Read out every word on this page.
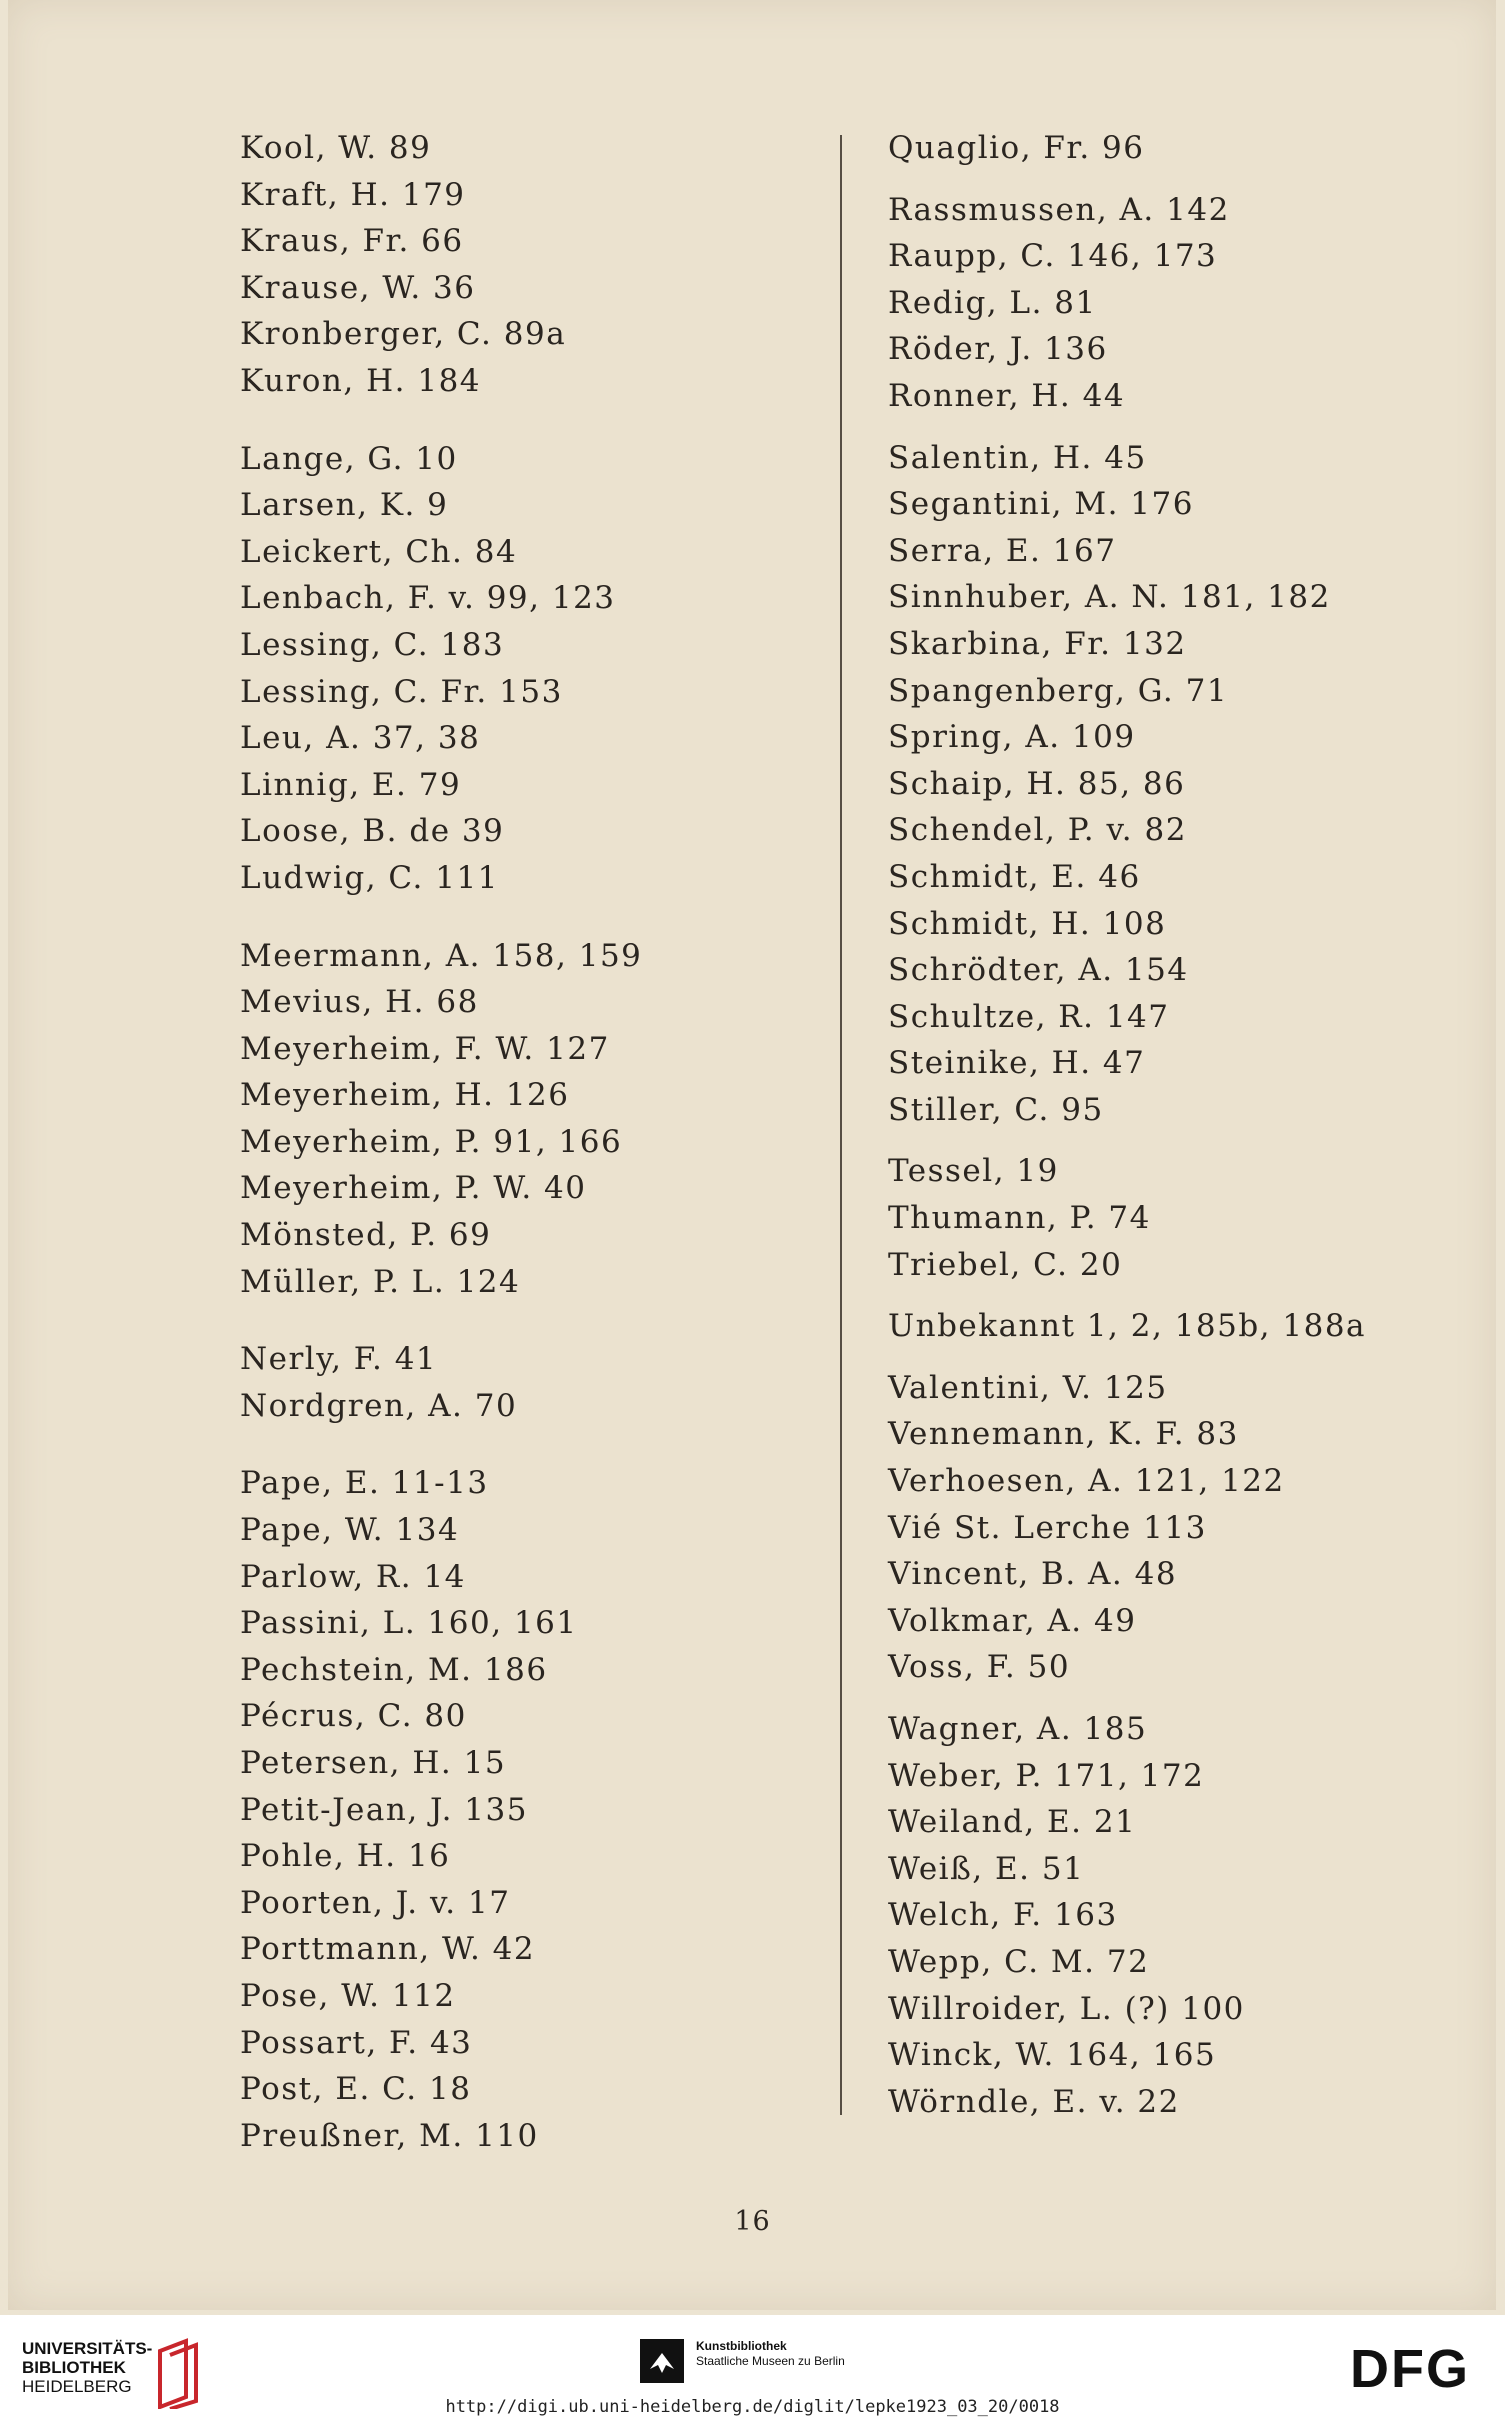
Kool, W. 89
Kraft, H. 179
Kraus, Fr. 66
Krause, W. 36
Kronberger, C. 89a
Kuron, H. 184
Lange, G. 10
Larsen, K. 9
Leickert, Ch. 84
Lenbach, F. v. 99, 123
Lessing, C. 183
Lessing, C. Fr. 153
Leu, A. 37, 38
Linnig, E. 79
Loose, B. de 39
Ludwig, C. 111
Meermann, A. 158, 159
Mevius, H. 68
Meyerheim, F. W. 127
Meyerheim, H. 126
Meyerheim, P. 91, 166
Meyerheim, P. W. 40
Mönsted, P. 69
Müller, P. L. 124
Nerly, F. 41
Nordgren, A. 70
Pape, E. 11-13
Pape, W. 134
Parlow, R. 14
Passini, L. 160, 161
Pechstein, M. 186
Pécrus, C. 80
Petersen, H. 15
Petit-Jean, J. 135
Pohle, H. 16
Poorten, J. v. 17
Porttmann, W. 42
Pose, W. 112
Possart, F. 43
Post, E. C. 18
Preußner, M. 110
Quaglio, Fr. 96
Rassmussen, A. 142
Raupp, C. 146, 173
Redig, L. 81
Röder, J. 136
Ronner, H. 44
Salentin, H. 45
Segantini, M. 176
Serra, E. 167
Sinnhuber, A. N. 181, 182
Skarbina, Fr. 132
Spangenberg, G. 71
Spring, A. 109
Schaip, H. 85, 86
Schendel, P. v. 82
Schmidt, E. 46
Schmidt, H. 108
Schrödter, A. 154
Schultze, R. 147
Steinike, H. 47
Stiller, C. 95
Tessel, 19
Thumann, P. 74
Triebel, C. 20
Unbekannt 1, 2, 185b, 188a
Valentini, V. 125
Vennemann, K. F. 83
Verhoesen, A. 121, 122
Vié St. Lerche 113
Vincent, B. A. 48
Volkmar, A. 49
Voss, F. 50
Wagner, A. 185
Weber, P. 171, 172
Weiland, E. 21
Weiß, E. 51
Welch, F. 163
Wepp, C. M. 72
Willroider, L. (?) 100
Winck, W. 164, 165
Wörndle, E. v. 22
16
UNIVERSITÄTS-
BIBLIOTHEK
HEIDELBERG
Kunstbibliothek
Staatliche Museen zu Berlin	DFG
http://digi.ub.uni-heidelberg.de/diglit/lepke1923_03_20/0018
